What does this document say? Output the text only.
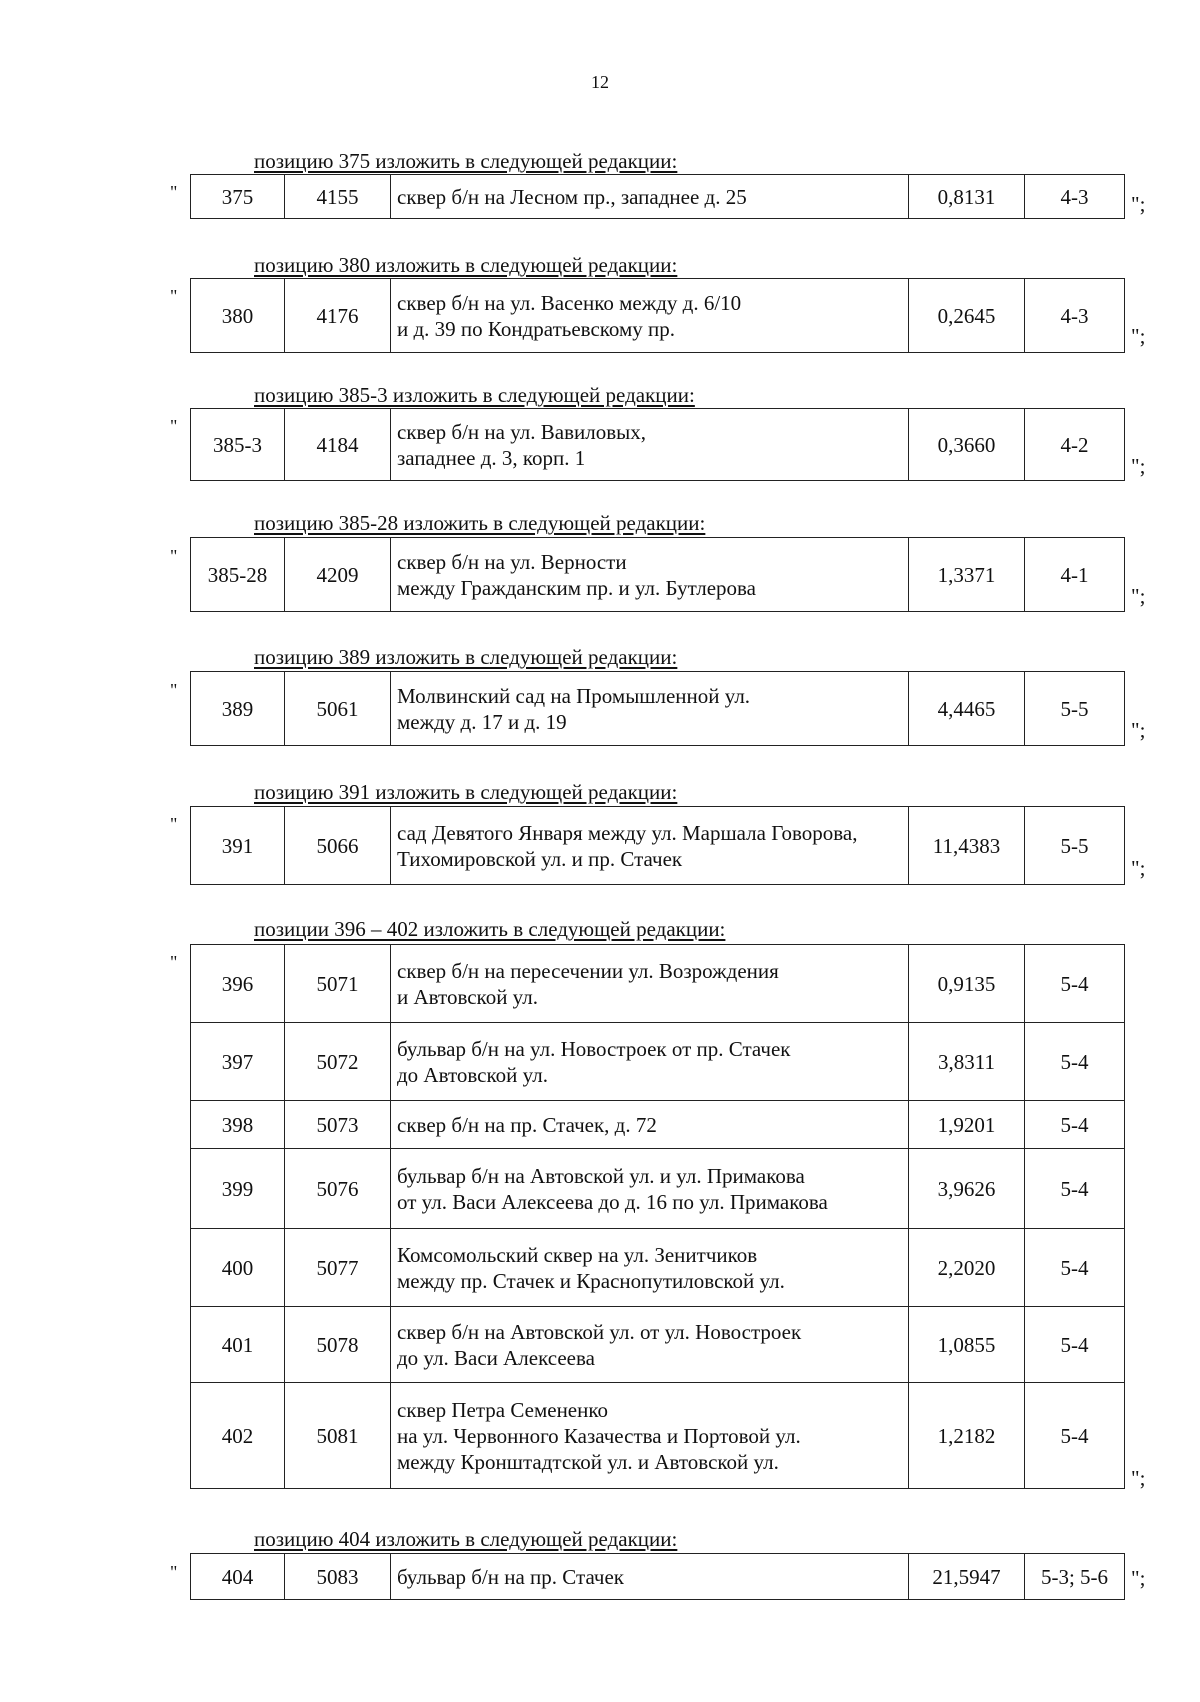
12
позицию 375 изложить в следующей редакции:
" 375	4155	сквер б/н на Лесном пр., западнее д. 25	0,8131	4-3 ";
позицию 380 изложить в следующей редакции:
"
380	4176	
сквер б/н на ул. Васенко между д. 6/10
и д. 39 по Кондратьевскому пр.
	0,2645	4-3
";
позицию 385-3 изложить в следующей редакции:
"
385-3	4184	
сквер б/н на ул. Вавиловых,
западнее д. 3, корп. 1
	0,3660	4-2
";
позицию 385-28 изложить в следующей редакции:
"
385-28	4209	
сквер б/н на ул. Верности
между Гражданским пр. и ул. Бутлерова
	1,3371	4-1
";
позицию 389 изложить в следующей редакции:
"
389	5061	
Молвинский сад на Промышленной ул.
между д. 17 и д. 19
	4,4465	5-5
";
позицию 391 изложить в следующей редакции:
"
391	5066	
сад Девятого Января между ул. Маршала Говорова,
Тихомировской ул. и пр. Стачек
	11,4383	5-5
";
позиции 396 – 402 изложить в следующей редакции:
"
396	5071	сквер б/н на пересечении ул. Возрождения
и Автовской ул.	0,9135	5-4
397	5072	бульвар б/н на ул. Новостроек от пр. Стачек
до Автовской ул.	3,8311	5-4
398	5073	сквер б/н на пр. Стачек, д. 72	1,9201	5-4
399	5076	бульвар б/н на Автовской ул. и ул. Примакова
от ул. Васи Алексеева до д. 16 по ул. Примакова	3,9626	5-4
400	5077	Комсомольский сквер на ул. Зенитчиков
между пр. Стачек и Краснопутиловской ул.	2,2020	5-4
401	5078	сквер б/н на Автовской ул. от ул. Новостроек
до ул. Васи Алексеева	1,0855	5-4
402	5081	сквер Петра Семененко
на ул. Червонного Казачества и Портовой ул.
между Кронштадтской ул. и Автовской ул.	1,2182	5-4
";
позицию 404 изложить в следующей редакции:
" 404	5083	бульвар б/н на пр. Стачек	21,5947	5-3; 5-6 ";
